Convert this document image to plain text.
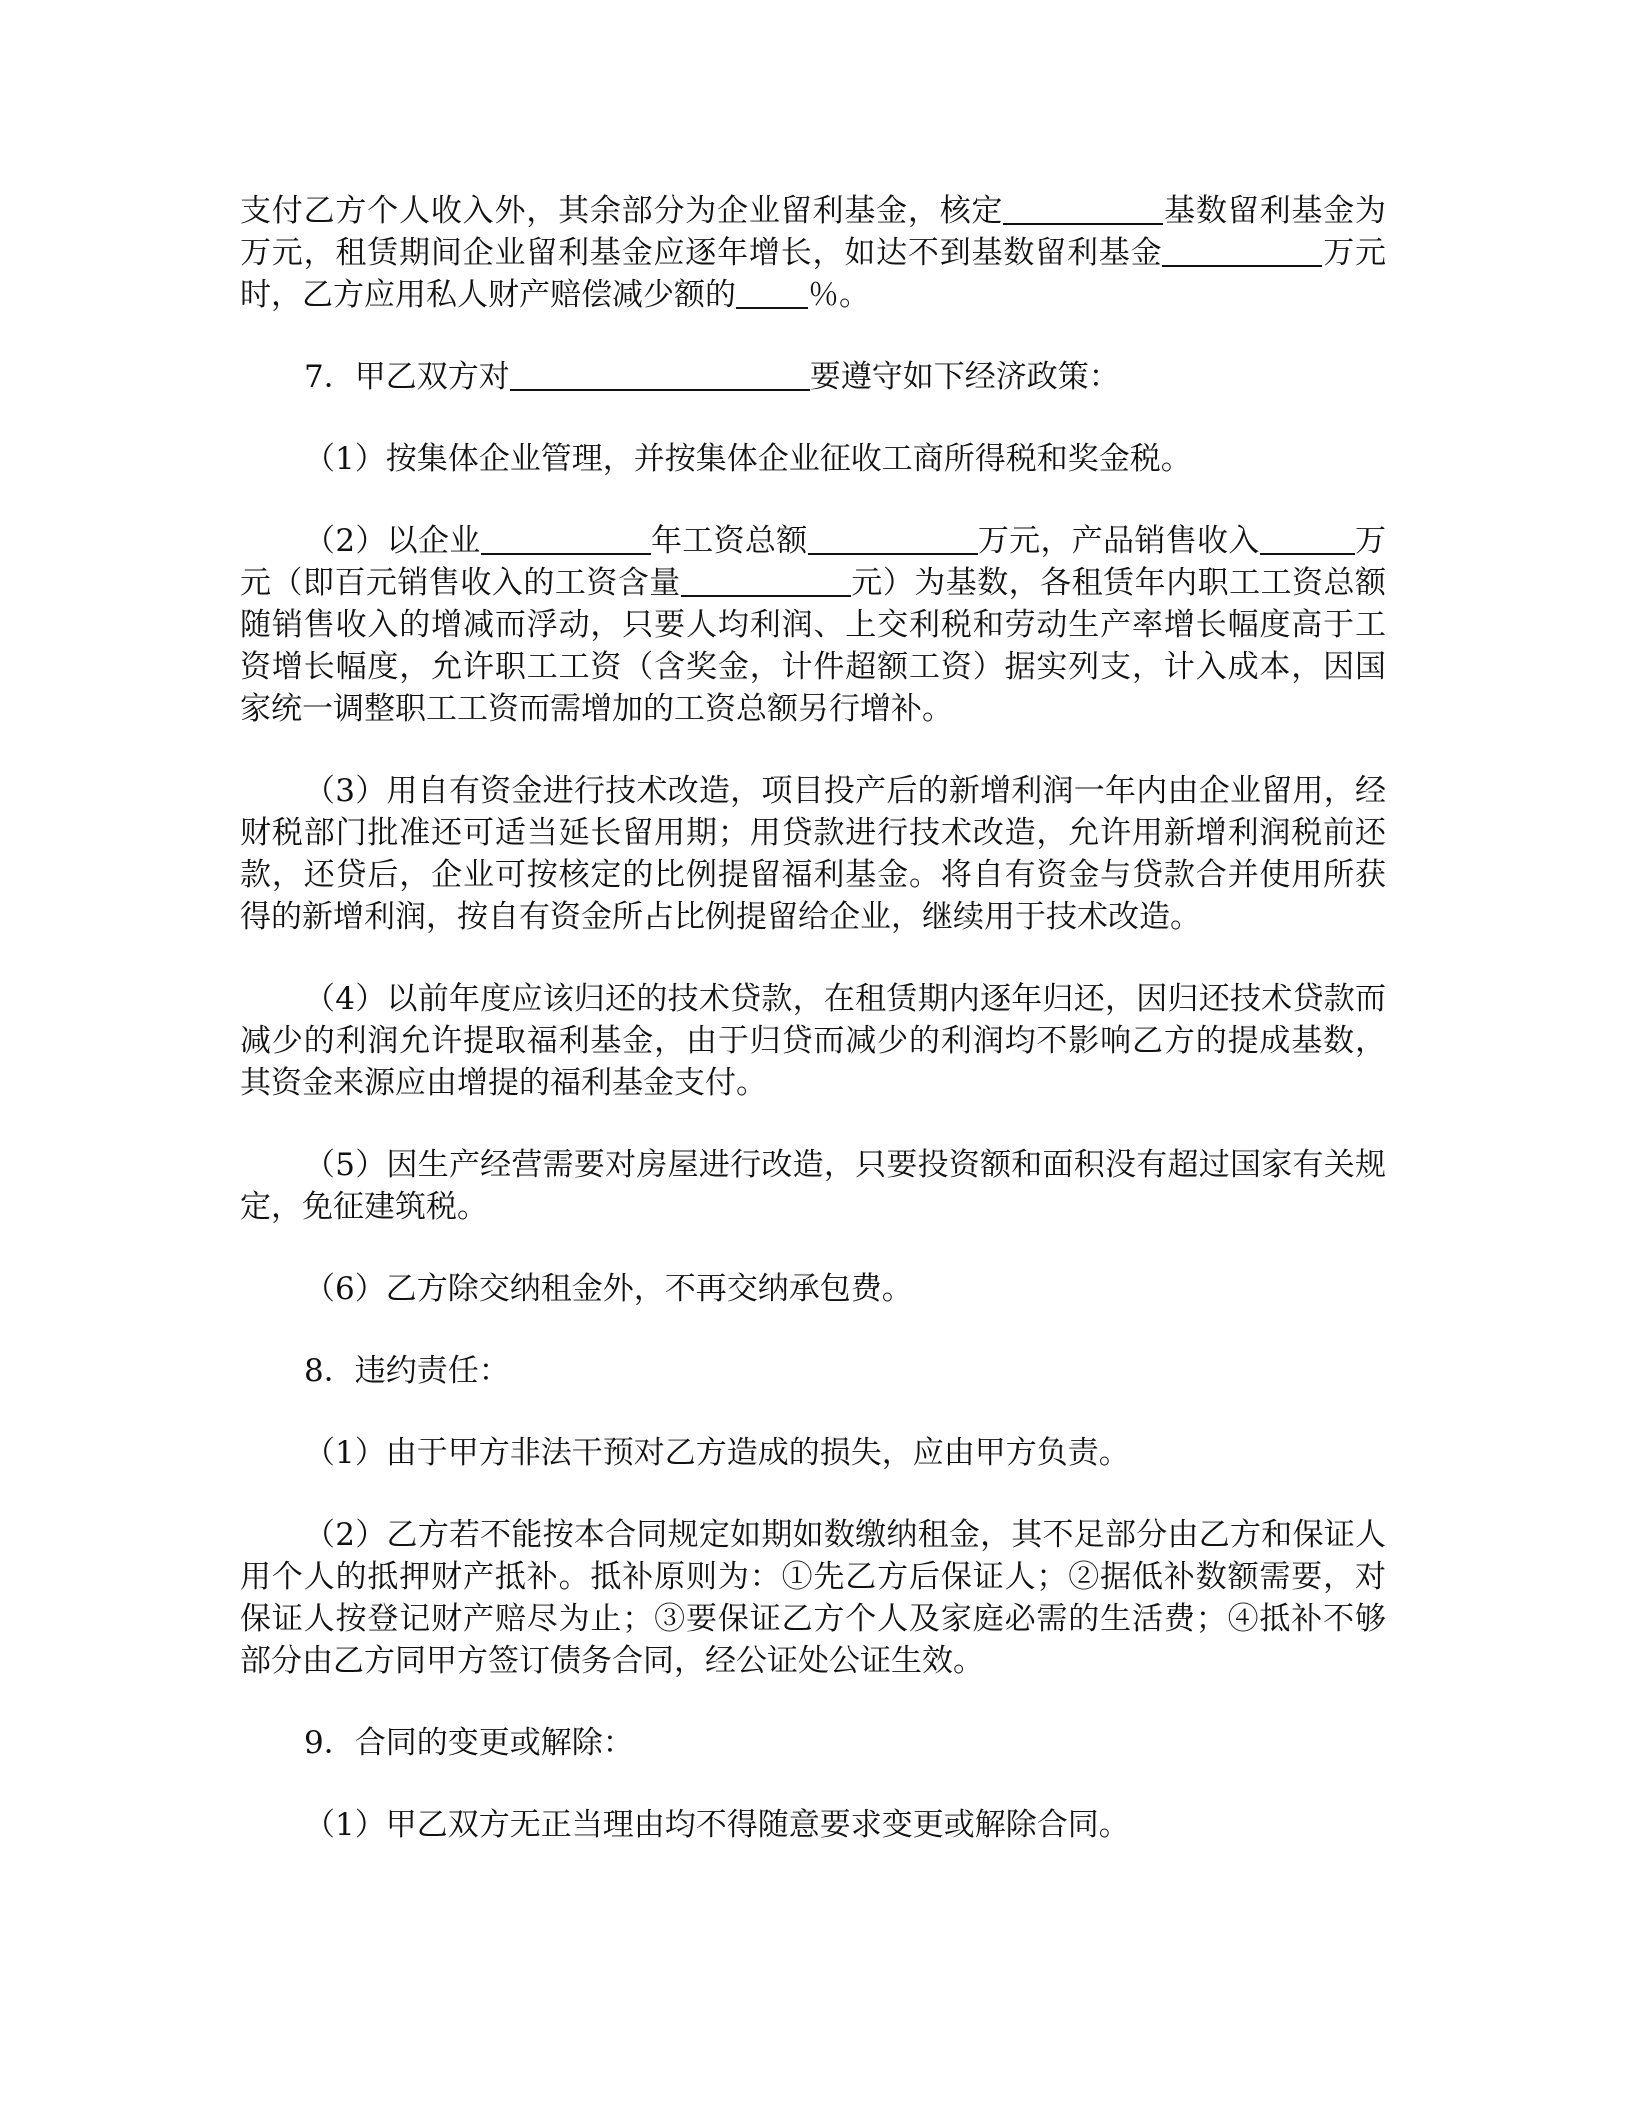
支付乙方个人收入外，其余部分为企业留利基金，核定	基数留利基金为万元，租赁期间企业留利基金应逐年增长，如达不到基数留利基金	万元时，乙方应用私人财产赔偿减少额的 ％。

7．甲乙双方对	要遵守如下经济政策：

（1）按集体企业管理，并按集体企业征收工商所得税和奖金税。

（2）以企业	年工资总额	万元，产品销售收入	万元（即百元销售收入的工资含量	元）为基数，各租赁年内职工工资总额随销售收入的增减而浮动，只要人均利润、上交利税和劳动生产率增长幅度高于工资增长幅度，允许职工工资（含奖金，计件超额工资）据实列支，计入成本，因国家统一调整职工工资而需增加的工资总额另行增补。

（3）用自有资金进行技术改造，项目投产后的新增利润一年内由企业留用，经财税部门批准还可适当延长留用期；用贷款进行技术改造，允许用新增利润税前还款，还贷后，企业可按核定的比例提留福利基金。将自有资金与贷款合并使用所获得的新增利润，按自有资金所占比例提留给企业，继续用于技术改造。

（4）以前年度应该归还的技术贷款，在租赁期内逐年归还，因归还技术贷款而减少的利润允许提取福利基金，由于归贷而减少的利润均不影响乙方的提成基数，其资金来源应由增提的福利基金支付。

（5）因生产经营需要对房屋进行改造，只要投资额和面积没有超过国家有关规定，免征建筑税。

（6）乙方除交纳租金外，不再交纳承包费。

8．违约责任：

（1）由于甲方非法干预对乙方造成的损失，应由甲方负责。

（2）乙方若不能按本合同规定如期如数缴纳租金，其不足部分由乙方和保证人用个人的抵押财产抵补。抵补原则为：①先乙方后保证人；②据低补数额需要，对保证人按登记财产赔尽为止；③要保证乙方个人及家庭必需的生活费；④抵补不够部分由乙方同甲方签订债务合同，经公证处公证生效。

9．合同的变更或解除：

（1）甲乙双方无正当理由均不得随意要求变更或解除合同。
